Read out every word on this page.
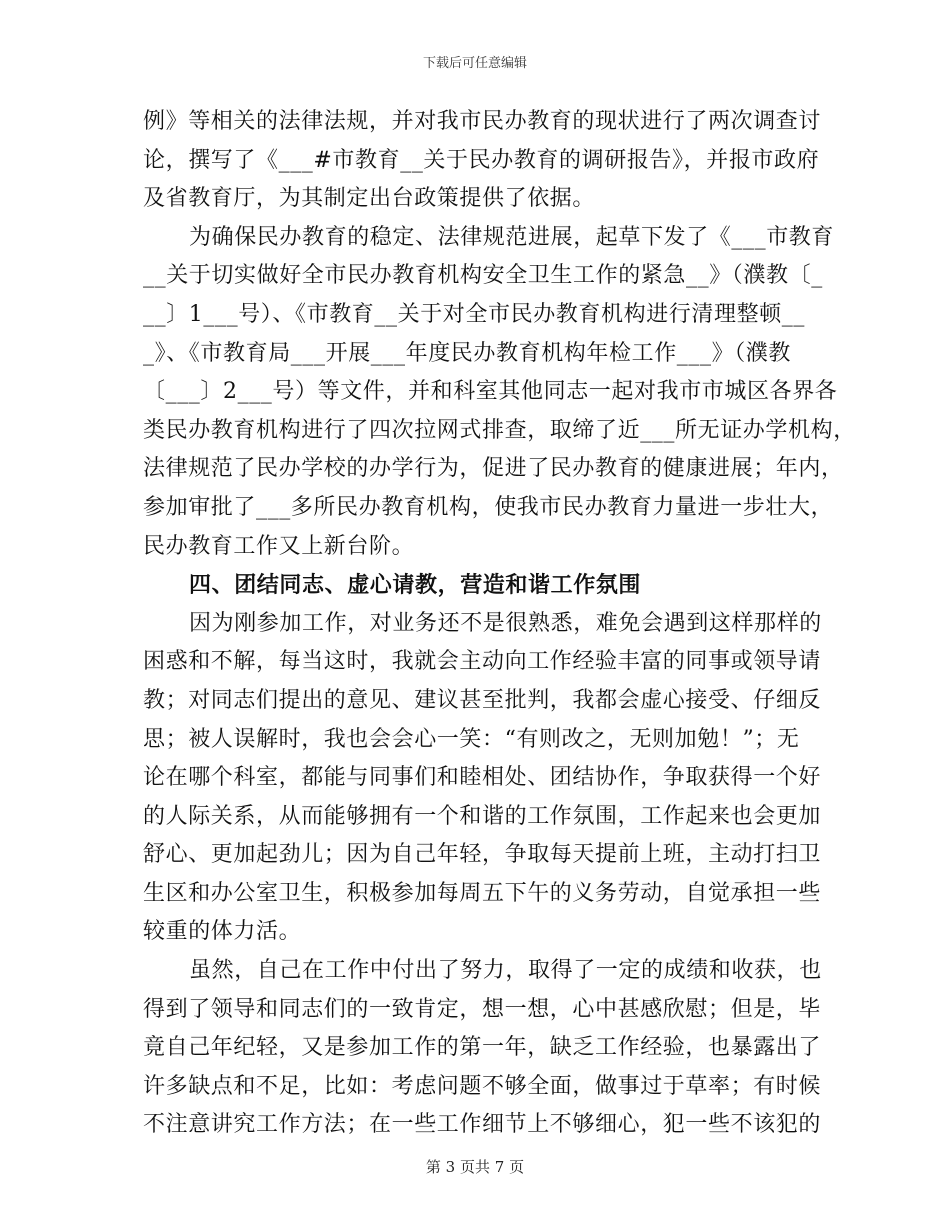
下载后可任意编辑
例》等相关的法律法规，并对我市民办教育的现状进行了两次调查讨
论，撰写了《___#市教育__关于民办教育的调研报告》，并报市政府
及省教育厅，为其制定出台政策提供了依据。
为确保民办教育的稳定、法律规范进展，起草下发了《___市教育
__关于切实做好全市民办教育机构安全卫生工作的紧急__》（濮教〔_
__〕1___号）、《市教育__关于对全市民办教育机构进行清理整顿__
_》、《市教育局___开展___年度民办教育机构年检工作___》（濮教
〔___〕2___号）等文件，并和科室其他同志一起对我市市城区各界各
类民办教育机构进行了四次拉网式排查，取缔了近___所无证办学机构，
法律规范了民办学校的办学行为，促进了民办教育的健康进展；年内，
参加审批了___多所民办教育机构，使我市民办教育力量进一步壮大，
民办教育工作又上新台阶。
四、团结同志、虚心请教，营造和谐工作氛围
因为刚参加工作，对业务还不是很熟悉，难免会遇到这样那样的
困惑和不解，每当这时，我就会主动向工作经验丰富的同事或领导请
教；对同志们提出的意见、建议甚至批判，我都会虚心接受、仔细反
思；被人误解时，我也会会心一笑：“有则改之，无则加勉！”；无
论在哪个科室，都能与同事们和睦相处、团结协作，争取获得一个好
的人际关系，从而能够拥有一个和谐的工作氛围，工作起来也会更加
舒心、更加起劲儿；因为自己年轻，争取每天提前上班，主动打扫卫
生区和办公室卫生，积极参加每周五下午的义务劳动，自觉承担一些
较重的体力活。
虽然，自己在工作中付出了努力，取得了一定的成绩和收获，也
得到了领导和同志们的一致肯定，想一想，心中甚感欣慰；但是，毕
竟自己年纪轻，又是参加工作的第一年，缺乏工作经验，也暴露出了
许多缺点和不足，比如：考虑问题不够全面，做事过于草率；有时候
不注意讲究工作方法；在一些工作细节上不够细心，犯一些不该犯的
第 3 页共 7 页
